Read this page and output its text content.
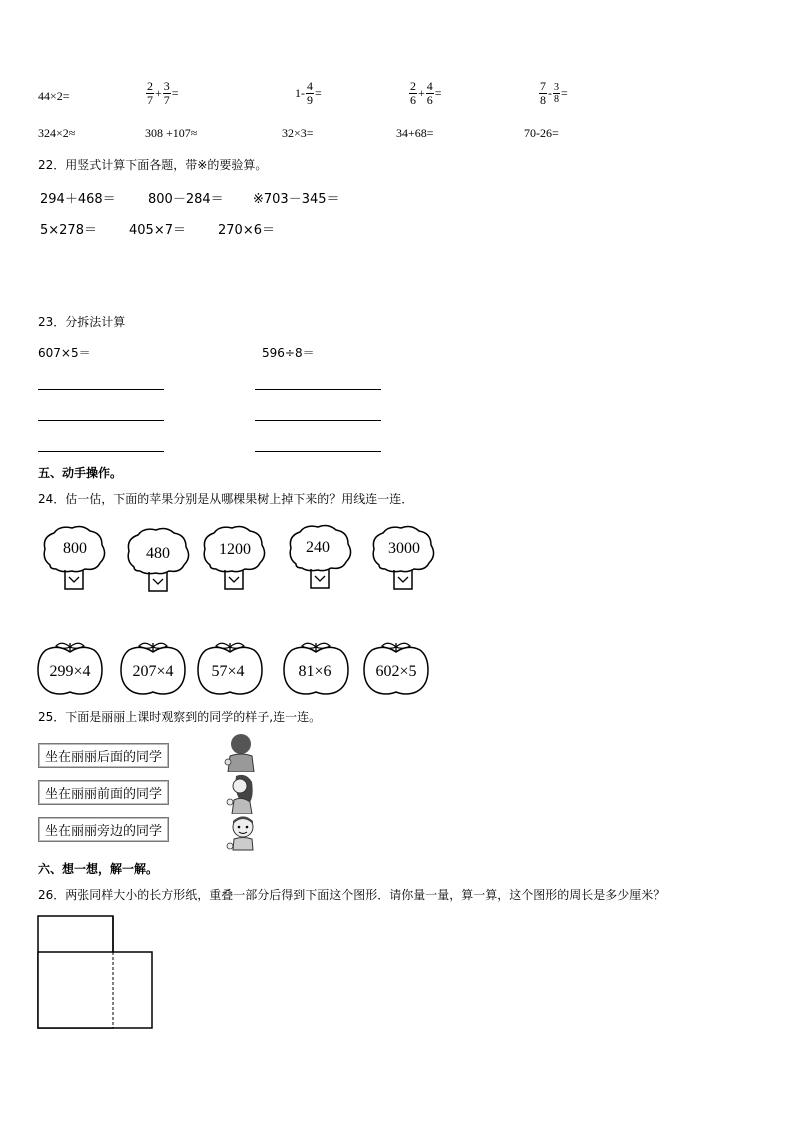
44×2=	$\frac{2}{7} + \frac{3}{7}$ =	$1- \frac{4}{9}$ =	$\frac{2}{6} + \frac{4}{6}$ =	$\frac{7}{8} - \frac{3}{8}$ =
324×2≈	308 +107≈	32×3=	34+68=	70-26=
22．用竖式计算下面各题，带※的要验算。
294＋468＝ 800－284＝ ※703－345＝
5×278＝ 405×7＝ 270×6＝
23．分拆法计算
607×5＝	596÷8＝
五、动手操作。
24．估一估，下面的苹果分别是从哪棵果树上掉下来的？用线连一连．
800	480	1200	240	3000
299×4	207×4 57×4	81×6	602×5
25．下面是丽丽上课时观察到的同学的样子,连一连。
坐在丽丽后面的同学
坐在丽丽前面的同学
坐在丽丽旁边的同学
六、想一想，解一解。
26．两张同样大小的长方形纸，重叠一部分后得到下面这个图形．请你量一量，算一算，这个图形的周长是多少厘米？
